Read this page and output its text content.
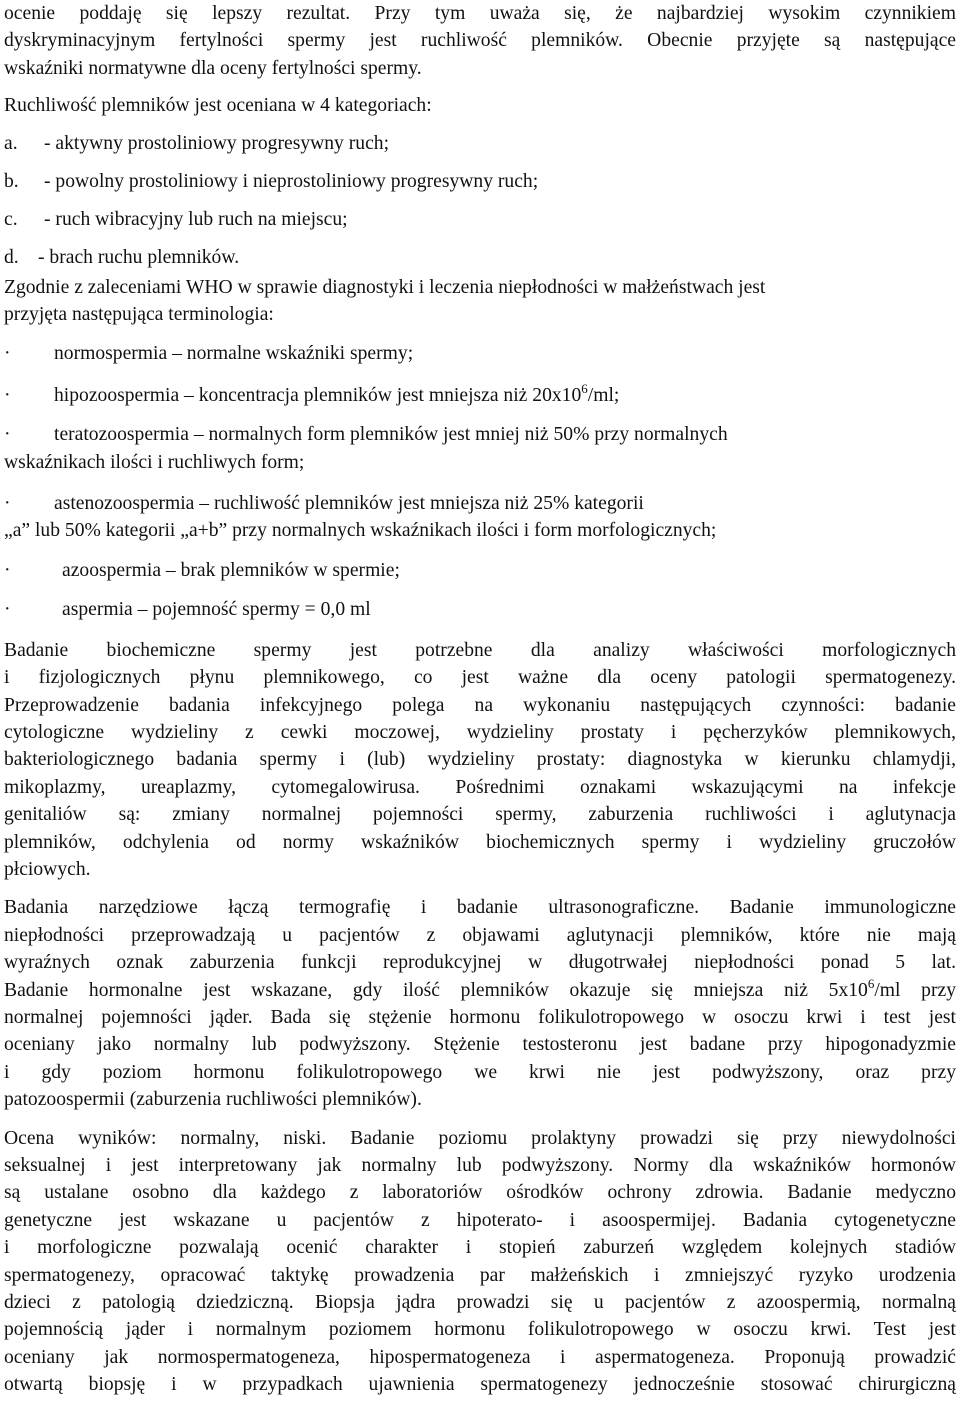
ocenie poddaję się lepszy rezultat. Przy tym uważa się, że najbardziej wysokim czynnikiem

dyskryminacyjnym fertylności spermy jest ruchliwość plemników. Obecnie przyjęte są następujące

wskaźniki normatywne dla oceny fertylności spermy.

Ruchliwość plemników jest oceniana w 4 kategoriach:

a.	- aktywny prostoliniowy progresywny ruch;
b.	- powolny prostoliniowy i nieprostoliniowy progresywny ruch;
c.	- ruch wibracyjny lub ruch na miejscu;
d. - brach ruchu plemników.

Zgodnie z zaleceniami WHO w sprawie diagnostyki i leczenia niepłodności w małżeństwach jest

przyjęta następująca terminologia:

·	normospermia – normalne wskaźniki spermy;
·	hipozoospermia – koncentracja plemników jest mniejsza niż $20x10^6/ml$;
·	teratozoospermia – normalnych form plemników jest mniej niż 50% przy normalnych

wskaźnikach ilości i ruchliwych form;

·	astenozoospermia – ruchliwość plemników jest mniejsza niż 25% kategorii

„a” lub 50% kategorii „a+b” przy normalnych wskaźnikach ilości i form morfologicznych;

·	azoospermia – brak plemników w spermie;
·	aspermia – pojemność spermy = 0,0 ml

Badanie biochemiczne spermy jest potrzebne dla analizy właściwości morfologicznych

i fizjologicznych płynu plemnikowego, co jest ważne dla oceny patologii spermatogenezy.

Przeprowadzenie badania infekcyjnego polega na wykonaniu następujących czynności: badanie

cytologiczne wydzieliny z cewki moczowej, wydzieliny prostaty i pęcherzyków plemnikowych,

bakteriologicznego badania spermy i (lub) wydzieliny prostaty: diagnostyka w kierunku chlamydji,

mikoplazmy, ureaplazmy, cytomegalowirusa. Pośrednimi oznakami wskazującymi na infekcje

genitaliów są: zmiany normalnej pojemności spermy, zaburzenia ruchliwości i aglutynacja

plemników, odchylenia od normy wskaźników biochemicznych spermy i wydzieliny gruczołów

płciowych.

Badania narzędziowe łączą termografię i badanie ultrasonograficzne. Badanie immunologiczne

niepłodności przeprowadzają u pacjentów z objawami aglutynacji plemników, które nie mają

wyraźnych oznak zaburzenia funkcji reprodukcyjnej w długotrwałej niepłodności ponad 5 lat.

Badanie hormonalne jest wskazane, gdy ilość plemników okazuje się mniejsza niż $5x10^6/ml$ przy

normalnej pojemności jąder. Bada się stężenie hormonu folikulotropowego w osoczu krwi i test jest

oceniany jako normalny lub podwyższony. Stężenie testosteronu jest badane przy hipogonadyzmie

i gdy poziom hormonu folikulotropowego we krwi nie jest podwyższony, oraz przy

patozoospermii (zaburzenia ruchliwości plemników).

Ocena wyników: normalny, niski. Badanie poziomu prolaktyny prowadzi się przy niewydolności

seksualnej i jest interpretowany jak normalny lub podwyższony. Normy dla wskaźników hormonów

są ustalane osobno dla każdego z laboratoriów ośrodków ochrony zdrowia. Badanie medyczno

genetyczne jest wskazane u pacjentów z hipoterato- i asoospermijej. Badania cytogenetyczne

i morfologiczne pozwalają ocenić charakter i stopień zaburzeń względem kolejnych stadiów

spermatogenezy, opracować taktykę prowadzenia par małżeńskich i zmniejszyć ryzyko urodzenia

dzieci z patologią dziedziczną. Biopsja jądra prowadzi się u pacjentów z azoospermią, normalną

pojemnością jąder i normalnym poziomem hormonu folikulotropowego w osoczu krwi. Test jest

oceniany jak normospermatogeneza, hipospermatogeneza i aspermatogeneza. Proponują prowadzić

otwartą biopsję i w przypadkach ujawnienia spermatogenezy jednocześnie stosować chirurgiczną
